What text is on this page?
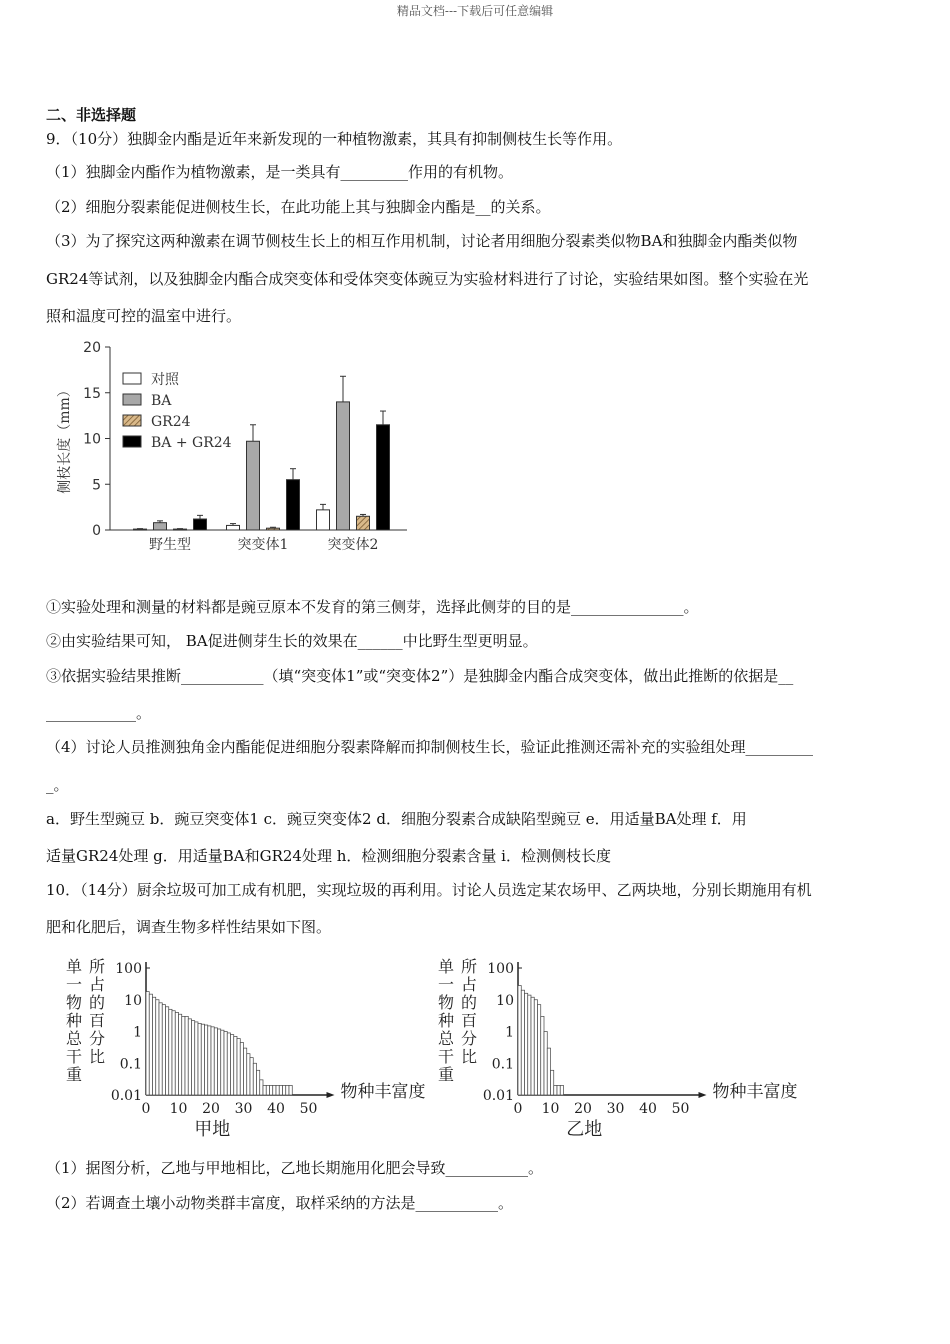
精品文档---下载后可任意编辑
二、非选择题
9．（10分）独脚金内酯是近年来新发现的一种植物激素，其具有抑制侧枝生长等作用。
（1）独脚金内酯作为植物激素，是一类具有_________作用的有机物。
（2）细胞分裂素能促进侧枝生长，在此功能上其与独脚金内酯是__的关系。
（3）为了探究这两种激素在调节侧枝生长上的相互作用机制，讨论者用细胞分裂素类似物BA和独脚金内酯类似物
GR24等试剂，以及独脚金内酯合成突变体和受体突变体豌豆为实验材料进行了讨论，实验结果如图。整个实验在光
照和温度可控的温室中进行。
0
5
10
15
20
侧枝长度（mm）
野生型	突变体1	突变体2
对照
BA
GR24
BA + GR24
①实验处理和测量的材料都是豌豆原本不发育的第三侧芽，选择此侧芽的目的是_______________。
②由实验结果可知， BA促进侧芽生长的效果在______中比野生型更明显。
③依据实验结果推断___________（填“突变体1”或“突变体2”）是独脚金内酯合成突变体，做出此推断的依据是__
____________。
（4）讨论人员推测独角金内酯能促进细胞分裂素降解而抑制侧枝生长，验证此推测还需补充的实验组处理_________
_。
a．野生型豌豆 b．豌豆突变体1 c．豌豆突变体2 d．细胞分裂素合成缺陷型豌豆 e．用适量BA处理 f．用
适量GR24处理 g．用适量BA和GR24处理 h．检测细胞分裂素含量 i．检测侧枝长度
10．（14分）厨余垃圾可加工成有机肥，实现垃圾的再利用。讨论人员选定某农场甲、乙两块地，分别长期施用有机
肥和化肥后，调查生物多样性结果如下图。
0.01
0.1
1
10
100
0 10 20 30 40 50
单
一
物
种
总
干
重
所
占
的
百
分
比
物种丰富度
甲地
0.01
0.1
1
10
100
0 10 20 30 40 50
单
一
物
种
总
干
重
所
占
的
百
分
比
物种丰富度
乙地
（1）据图分析，乙地与甲地相比，乙地长期施用化肥会导致___________。
（2）若调查土壤小动物类群丰富度，取样采纳的方法是___________。
